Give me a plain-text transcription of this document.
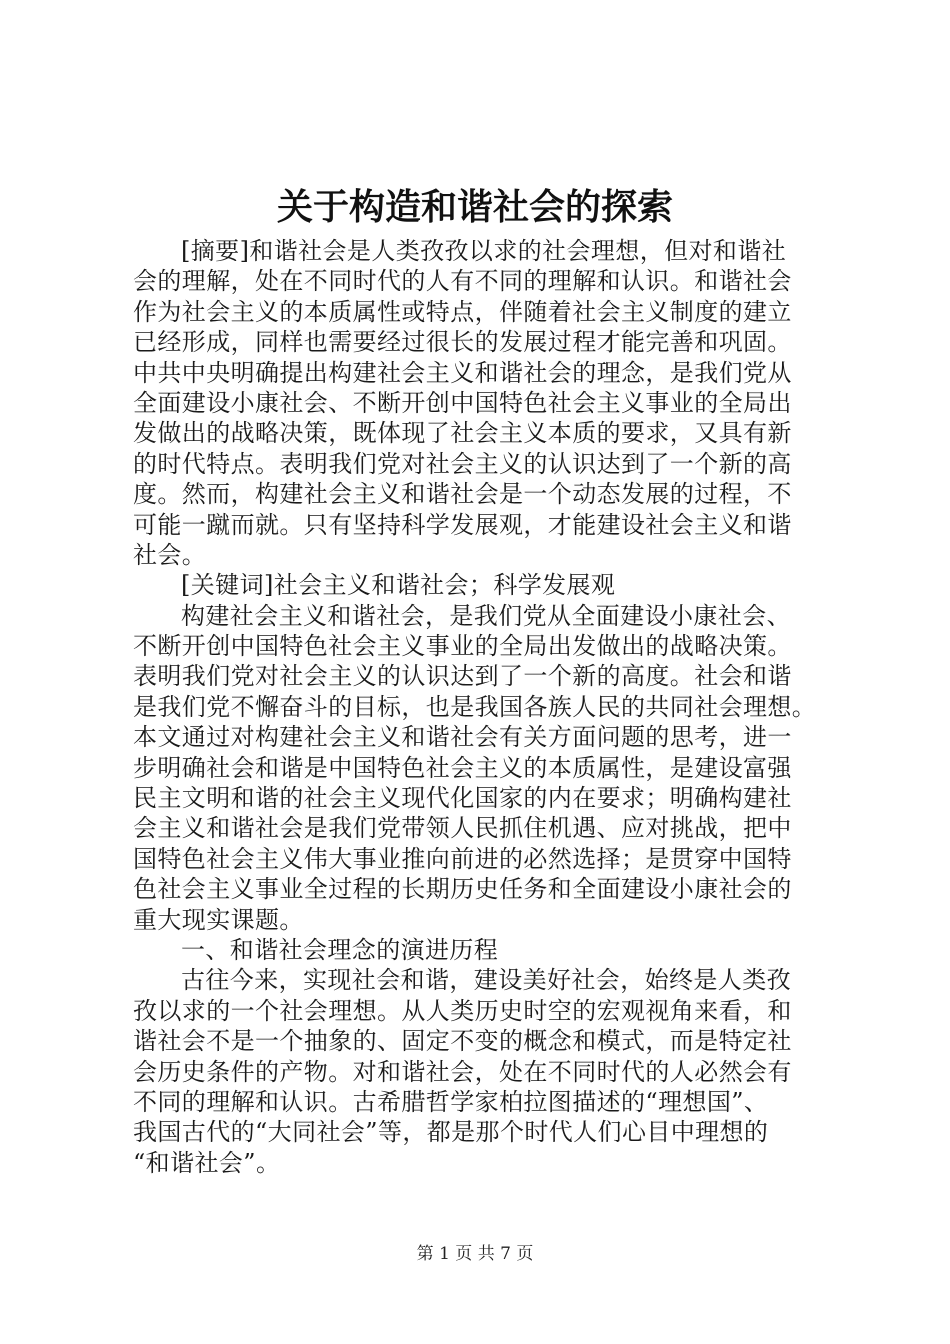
关于构造和谐社会的探索
[摘要]和谐社会是人类孜孜以求的社会理想，但对和谐社
会的理解，处在不同时代的人有不同的理解和认识。和谐社会
作为社会主义的本质属性或特点，伴随着社会主义制度的建立
已经形成，同样也需要经过很长的发展过程才能完善和巩固。
中共中央明确提出构建社会主义和谐社会的理念，是我们党从
全面建设小康社会、不断开创中国特色社会主义事业的全局出
发做出的战略决策，既体现了社会主义本质的要求，又具有新
的时代特点。表明我们党对社会主义的认识达到了一个新的高
度。然而，构建社会主义和谐社会是一个动态发展的过程，不
可能一蹴而就。只有坚持科学发展观，才能建设社会主义和谐
社会。
[关键词]社会主义和谐社会；科学发展观
构建社会主义和谐社会，是我们党从全面建设小康社会、
不断开创中国特色社会主义事业的全局出发做出的战略决策。
表明我们党对社会主义的认识达到了一个新的高度。社会和谐
是我们党不懈奋斗的目标，也是我国各族人民的共同社会理想。
本文通过对构建社会主义和谐社会有关方面问题的思考，进一
步明确社会和谐是中国特色社会主义的本质属性，是建设富强
民主文明和谐的社会主义现代化国家的内在要求；明确构建社
会主义和谐社会是我们党带领人民抓住机遇、应对挑战，把中
国特色社会主义伟大事业推向前进的必然选择；是贯穿中国特
色社会主义事业全过程的长期历史任务和全面建设小康社会的
重大现实课题。
一、和谐社会理念的演进历程
古往今来，实现社会和谐，建设美好社会，始终是人类孜
孜以求的一个社会理想。从人类历史时空的宏观视角来看，和
谐社会不是一个抽象的、固定不变的概念和模式，而是特定社
会历史条件的产物。对和谐社会，处在不同时代的人必然会有
不同的理解和认识。古希腊哲学家柏拉图描述的“理想国”、
我国古代的“大同社会”等，都是那个时代人们心目中理想的
“和谐社会”。
第 1 页 共 7 页
